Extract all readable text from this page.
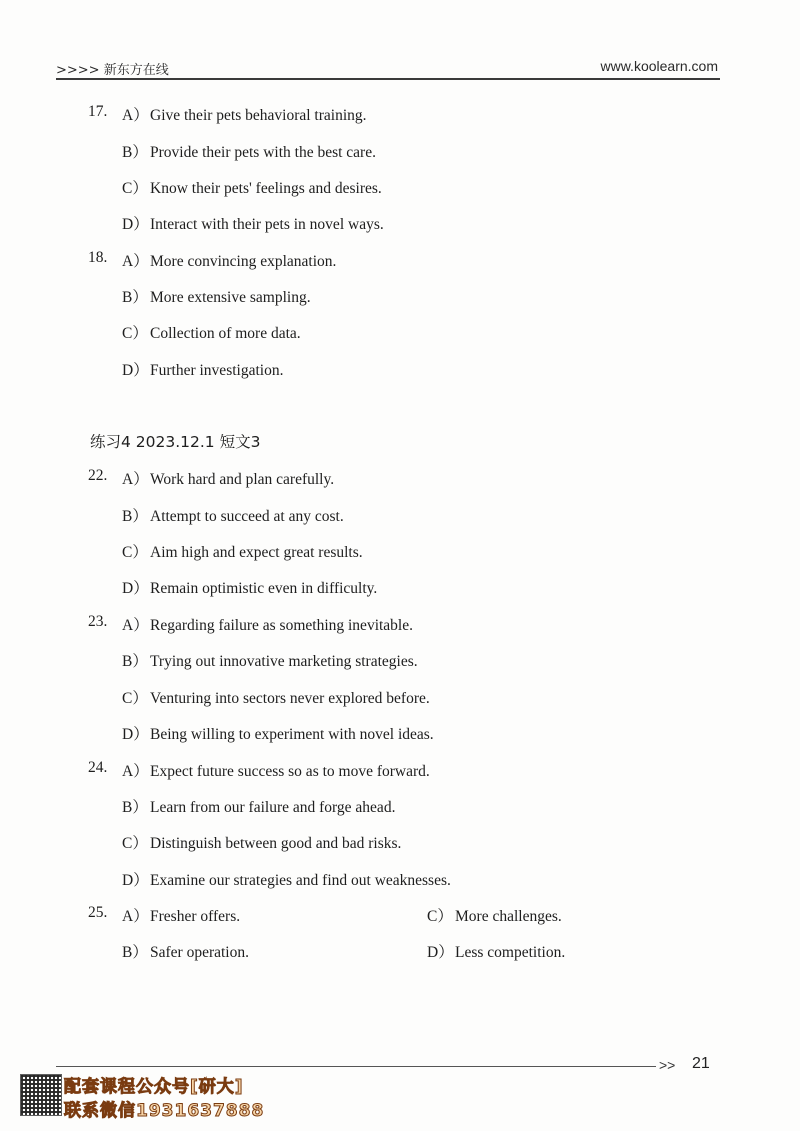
>>>> 新东方在线	www.koolearn.com
17. A）Give their pets behavioral training.
B） Provide their pets with the best care.
C） Know their pets' feelings and desires.
D）Interact with their pets in novel ways.
18. A）More convincing explanation.
B） More extensive sampling.
C） Collection of more data.
D）Further investigation.
练习4 2023.12.1 短文3
22. A）Work hard and plan carefully.
B） Attempt to succeed at any cost.
C） Aim high and expect great results.
D）Remain optimistic even in difficulty.
23. A）Regarding failure as something inevitable.
B） Trying out innovative marketing strategies.
C） Venturing into sectors never explored before.
D）Being willing to experiment with novel ideas.
24. A）Expect future success so as to move forward.
B） Learn from our failure and forge ahead.
C） Distinguish between good and bad risks.
D）Examine our strategies and find out weaknesses.
25. A）Fresher offers.
B） Safer operation.
C） More challenges.
D）Less competition.
>> 21
配套课程公众号[研大]
联系微信1931637888
